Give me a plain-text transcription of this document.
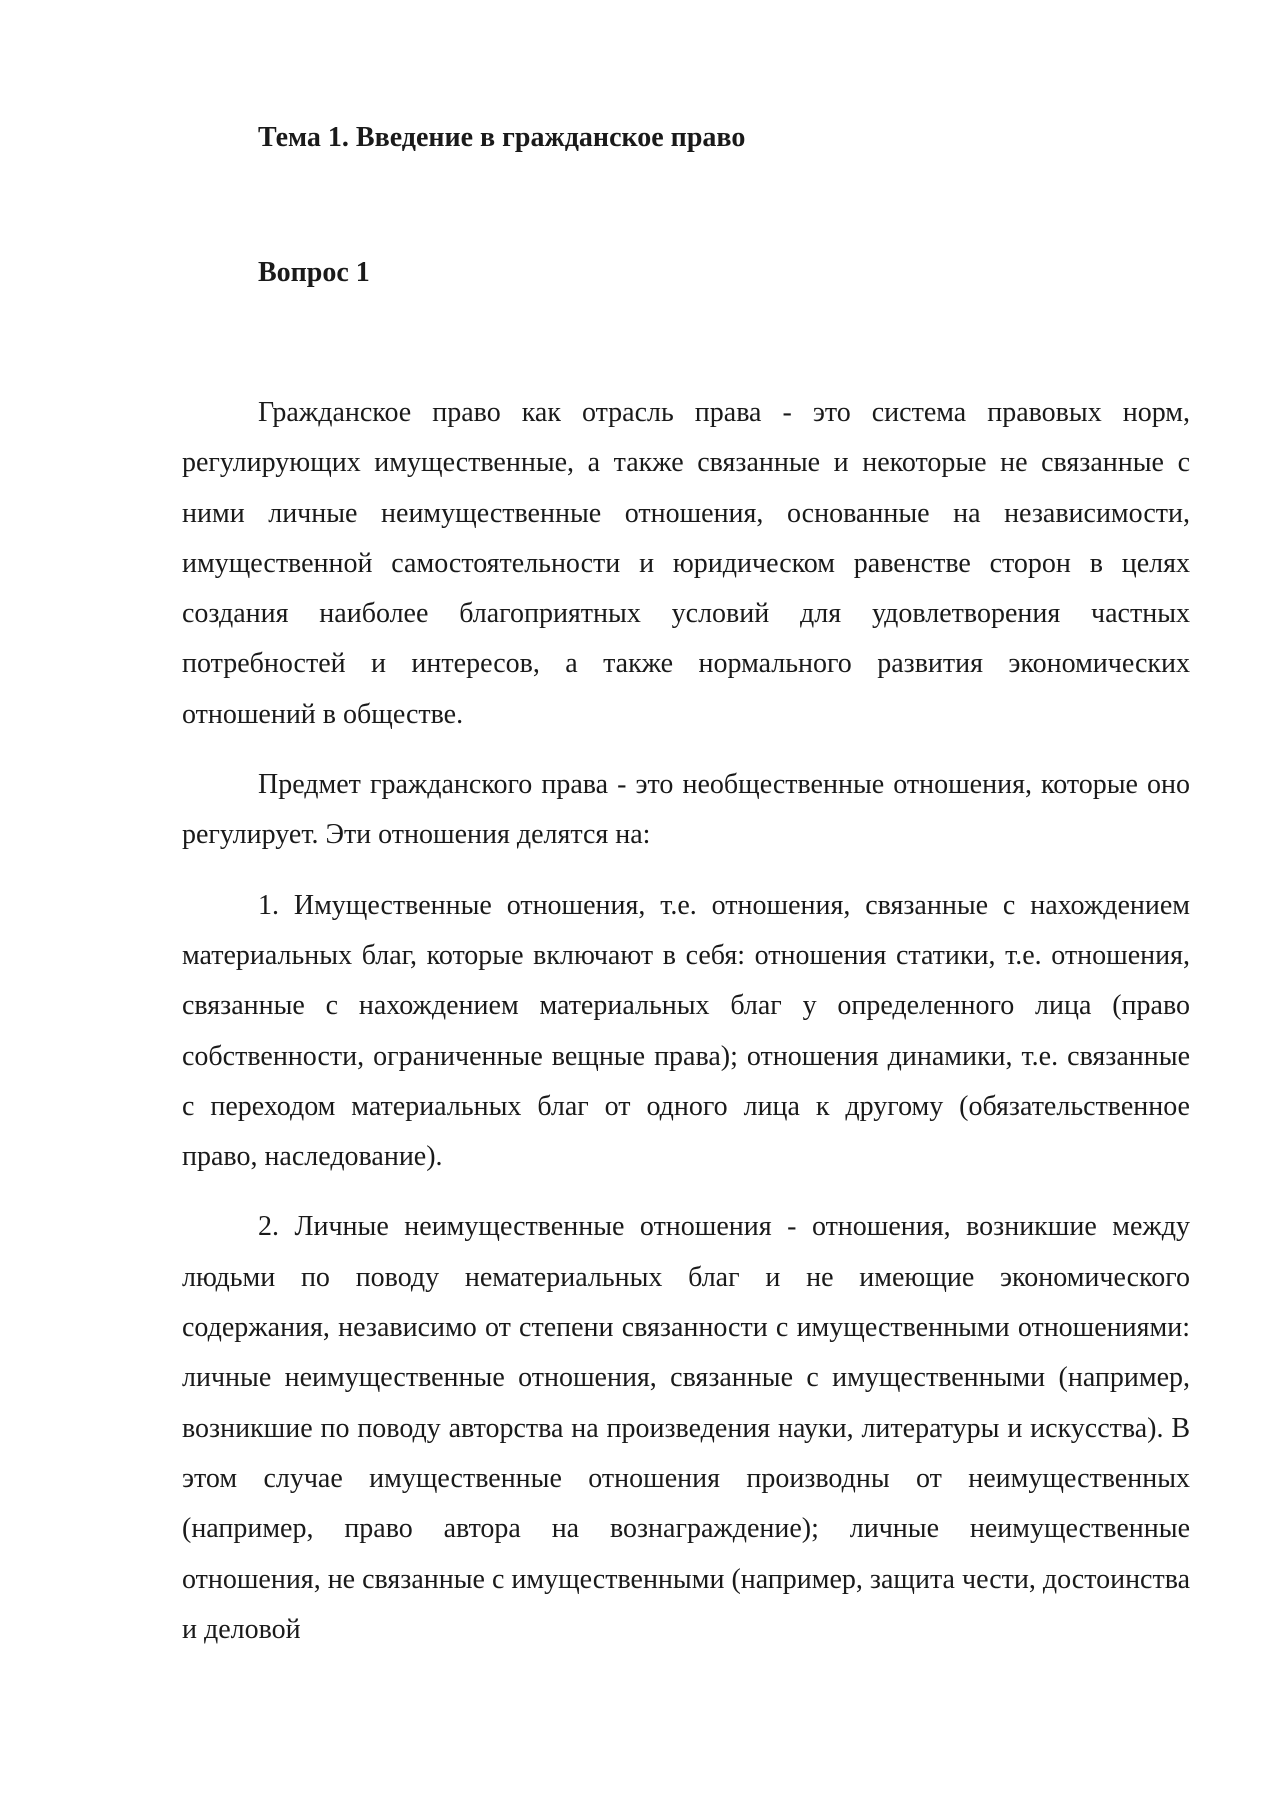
Тема 1. Введение в гражданское право
Вопрос 1

Гражданское право как отрасль права - это система правовых норм, регулирующих имущественные, а также связанные и некоторые не связанные с ними личные неимущественные отношения, основанные на независимости, имущественной самостоятельности и юридическом равенстве сторон в целях создания наиболее благоприятных условий для удовлетворения частных потребностей и интересов, а также нормального развития экономических отношений в обществе.

Предмет гражданского права - это необщественные отношения, которые оно регулирует. Эти отношения делятся на:

1. Имущественные отношения, т.е. отношения, связанные с нахождением материальных благ, которые включают в себя: отношения статики, т.е. отношения, связанные с нахождением материальных благ у определенного лица (право собственности, ограниченные вещные права); отношения динамики, т.е. связанные с переходом материальных благ от одного лица к другому (обязательственное право, наследование).

2. Личные неимущественные отношения - отношения, возникшие между людьми по поводу нематериальных благ и не имеющие экономического содержания, независимо от степени связанности с имущественными отношениями: личные неимущественные отношения, связанные с имущественными (например, возникшие по поводу авторства на произведения науки, литературы и искусства). В этом случае имущественные отношения производны от неимущественных (например, право автора на вознаграждение); личные неимущественные отношения, не связанные с имущественными (например, защита чести, достоинства и деловой
